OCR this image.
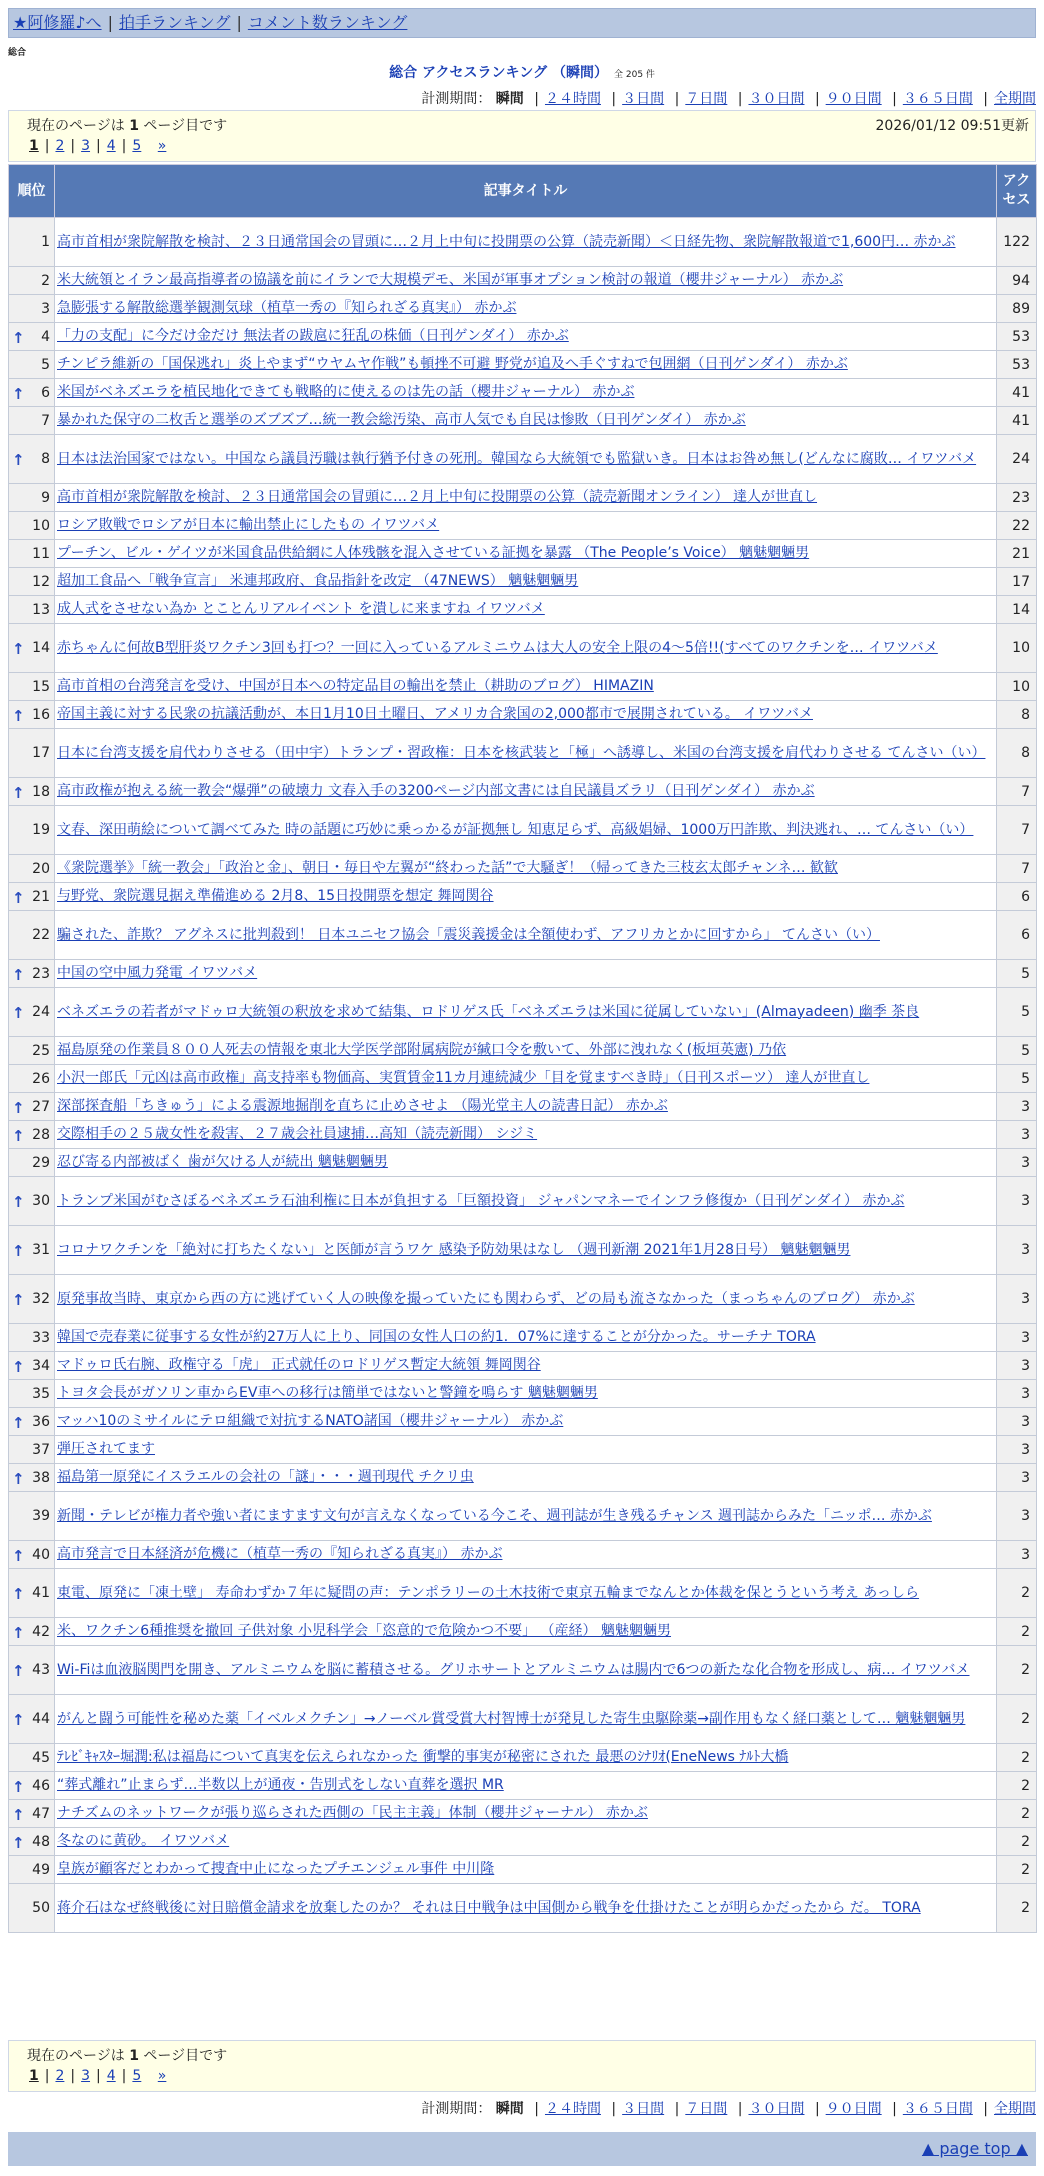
★阿修羅♪へ | 拍手ランキング | コメント数ランキング
総合
総合 アクセスランキング （瞬間） 全 205 件
計測期間： 瞬間 | ２４時間 | ３日間 | ７日間 | ３０日間 | ９０日間 | ３６５日間 | 全期間
現在のページは 1 ページ目です	2026/01/12 09:51更新
1 | 2 | 3 | 4 | 5 »
順位	記事タイトル	アクセス
1	高市首相が衆院解散を検討、２３日通常国会の冒頭に…２月上中旬に投開票の公算（読売新聞）＜日経先物、衆院解散報道で1,600円… 赤かぶ	122
2	米大統領とイラン最高指導者の協議を前にイランで大規模デモ、米国が軍事オプション検討の報道（櫻井ジャーナル） 赤かぶ	94
3	急膨張する解散総選挙観測気球（植草一秀の『知られざる真実』） 赤かぶ	89

↑ 4	「力の支配」に今だけ金だけ 無法者の跋扈に狂乱の株価（日刊ゲンダイ） 赤かぶ	53
5	チンピラ維新の「国保逃れ」炎上やまず“ウヤムヤ作戦”も頓挫不可避 野党が追及へ手ぐすねで包囲網（日刊ゲンダイ） 赤かぶ	53

↑ 6	米国がベネズエラを植民地化できても戦略的に使えるのは先の話（櫻井ジャーナル） 赤かぶ	41
7	暴かれた保守の二枚舌と選挙のズブズブ…統一教会総汚染、高市人気でも自民は惨敗（日刊ゲンダイ） 赤かぶ	41

↑ 8	日本は法治国家ではない。中国なら議員汚職は執行猶予付きの死刑。韓国なら大統領でも監獄いき。日本はお咎め無し(どんなに腐敗… イワツバメ	24
9	高市首相が衆院解散を検討、２３日通常国会の冒頭に…２月上中旬に投開票の公算（読売新聞オンライン） 達人が世直し	23
10	ロシア敗戦でロシアが日本に輸出禁止にしたもの イワツバメ	22
11	プーチン、ビル・ゲイツが米国食品供給網に人体残骸を混入させている証拠を暴露 （The People’s Voice） 魑魅魍魎男	21
12	超加工食品へ「戦争宣言」 米連邦政府、食品指針を改定 （47NEWS） 魑魅魍魎男	17
13	成人式をさせない為か とことんリアルイベント を潰しに来ますね イワツバメ	14

↑ 14	赤ちゃんに何故B型肝炎ワクチン3回も打つ？一回に入っているアルミニウムは大人の安全上限の4〜5倍!!(すべてのワクチンを… イワツバメ	10
15	高市首相の台湾発言を受け、中国が日本への特定品目の輸出を禁止（耕助のブログ） HIMAZIN	10

↑ 16	帝国主義に対する民衆の抗議活動が、本日1月10日土曜日、アメリカ合衆国の2,000都市で展開されている。 イワツバメ	8
17	日本に台湾支援を肩代わりさせる（田中宇）トランプ・習政権：日本を核武装と「極」へ誘導し、米国の台湾支援を肩代わりさせる てんさい（い）	8

↑ 18	高市政権が抱える統一教会“爆弾”の破壊力 文春入手の3200ページ内部文書には自民議員ズラリ（日刊ゲンダイ） 赤かぶ	7
19	文春、深田萌絵について調べてみた 時の話題に巧妙に乗っかるが証拠無し 知恵足らず、高級娼婦、1000万円詐欺、判決逃れ、… てんさい（い）	7
20	《衆院選挙》「統一教会」「政治と金」、朝日・毎日や左翼が“終わった話”で大騒ぎ！（帰ってきた三枝玄太郎チャンネ… 歓歓	7

↑ 21	与野党、衆院選見据え準備進める 2月8、15日投開票を想定 舞岡関谷	6
22	騙された、詐欺？ アグネスに批判殺到！ 日本ユニセフ協会「震災義援金は全額使わず、アフリカとかに回すから」 てんさい（い）	6

↑ 23	中国の空中風力発電 イワツバメ	5

↑ 24	ベネズエラの若者がマドゥロ大統領の釈放を求めて結集、ロドリゲス氏「ベネズエラは米国に従属していない」(Almayadeen) 幽季 茶良	5
25	福島原発の作業員８００人死去の情報を東北大学医学部附属病院が緘口令を敷いて、外部に洩れなく(板垣英憲) 乃依	5
26	小沢一郎氏「元凶は高市政権」高支持率も物価高、実質賃金11カ月連続減少「目を覚ますべき時」（日刊スポーツ） 達人が世直し	5

↑ 27	深部探査船「ちきゅう」による震源地掘削を直ちに止めさせよ （陽光堂主人の読書日記） 赤かぶ	3

↑ 28	交際相手の２５歳女性を殺害、２７歳会社員逮捕…高知（読売新聞） シジミ	3
29	忍び寄る内部被ばく 歯が欠ける人が続出 魑魅魍魎男	3

↑ 30	トランプ米国がむさぼるベネズエラ石油利権に日本が負担する「巨額投資」 ジャパンマネーでインフラ修復か（日刊ゲンダイ） 赤かぶ	3

↑ 31	コロナワクチンを「絶対に打ちたくない」と医師が言うワケ 感染予防効果はなし （週刊新潮 2021年1月28日号） 魑魅魍魎男	3

↑ 32	原発事故当時、東京から西の方に逃げていく人の映像を撮っていたにも関わらず、どの局も流さなかった（まっちゃんのブログ） 赤かぶ	3
33	韓国で売春業に従事する女性が約27万人に上り、同国の女性人口の約1．07%に達することが分かった。サーチナ TORA	3

↑ 34	マドゥロ氏右腕、政権守る「虎」 正式就任のロドリゲス暫定大統領 舞岡関谷	3
35	トヨタ会長がガソリン車からEV車への移行は簡単ではないと警鐘を鳴らす 魑魅魍魎男	3

↑ 36	マッハ10のミサイルにテロ組織で対抗するNATO諸国（櫻井ジャーナル） 赤かぶ	3
37	弾圧されてます	3

↑ 38	福島第一原発にイスラエルの会社の「謎」・・・週刊現代 チクリ虫	3
39	新聞・テレビが権力者や強い者にますます文句が言えなくなっている今こそ、週刊誌が生き残るチャンス 週刊誌からみた「ニッポ… 赤かぶ	3

↑ 40	高市発言で日本経済が危機に（植草一秀の『知られざる真実』） 赤かぶ	3

↑ 41	東電、原発に「凍土壁」 寿命わずか７年に疑問の声：テンポラリーの土木技術で東京五輪までなんとか体裁を保とうという考え あっしら	2

↑ 42	米、ワクチン6種推奨を撤回 子供対象 小児科学会「恣意的で危険かつ不要」 （産経） 魑魅魍魎男	2

↑ 43	Wi-Fiは血液脳関門を開き、アルミニウムを脳に蓄積させる。グリホサートとアルミニウムは腸内で6つの新たな化合物を形成し、病… イワツバメ	2

↑ 44	がんと闘う可能性を秘めた薬「イベルメクチン」→ノーベル賞受賞大村智博士が発見した寄生虫駆除薬→副作用もなく経口薬として… 魑魅魍魎男	2
45	ﾃﾚﾋﾞｷｬｽﾀｰ堀潤:私は福島について真実を伝えられなかった 衝撃的事実が秘密にされた 最悪のｼﾅﾘｵ(EneNews ﾅﾙﾄ大橋	2

↑ 46	“葬式離れ”止まらず…半数以上が通夜・告別式をしない直葬を選択 MR	2

↑ 47	ナチズムのネットワークが張り巡らされた西側の「民主主義」体制（櫻井ジャーナル） 赤かぶ	2

↑ 48	冬なのに黄砂。 イワツバメ	2
49	皇族が顧客だとわかって捜査中止になったプチエンジェル事件 中川隆	2
50	蒋介石はなぜ終戦後に対日賠償金請求を放棄したのか？ それは日中戦争は中国側から戦争を仕掛けたことが明らかだったから だ。 TORA	2
現在のページは 1 ページ目です
1 | 2 | 3 | 4 | 5 »
計測期間： 瞬間 | ２４時間 | ３日間 | ７日間 | ３０日間 | ９０日間 | ３６５日間 | 全期間
▲ page top ▲
